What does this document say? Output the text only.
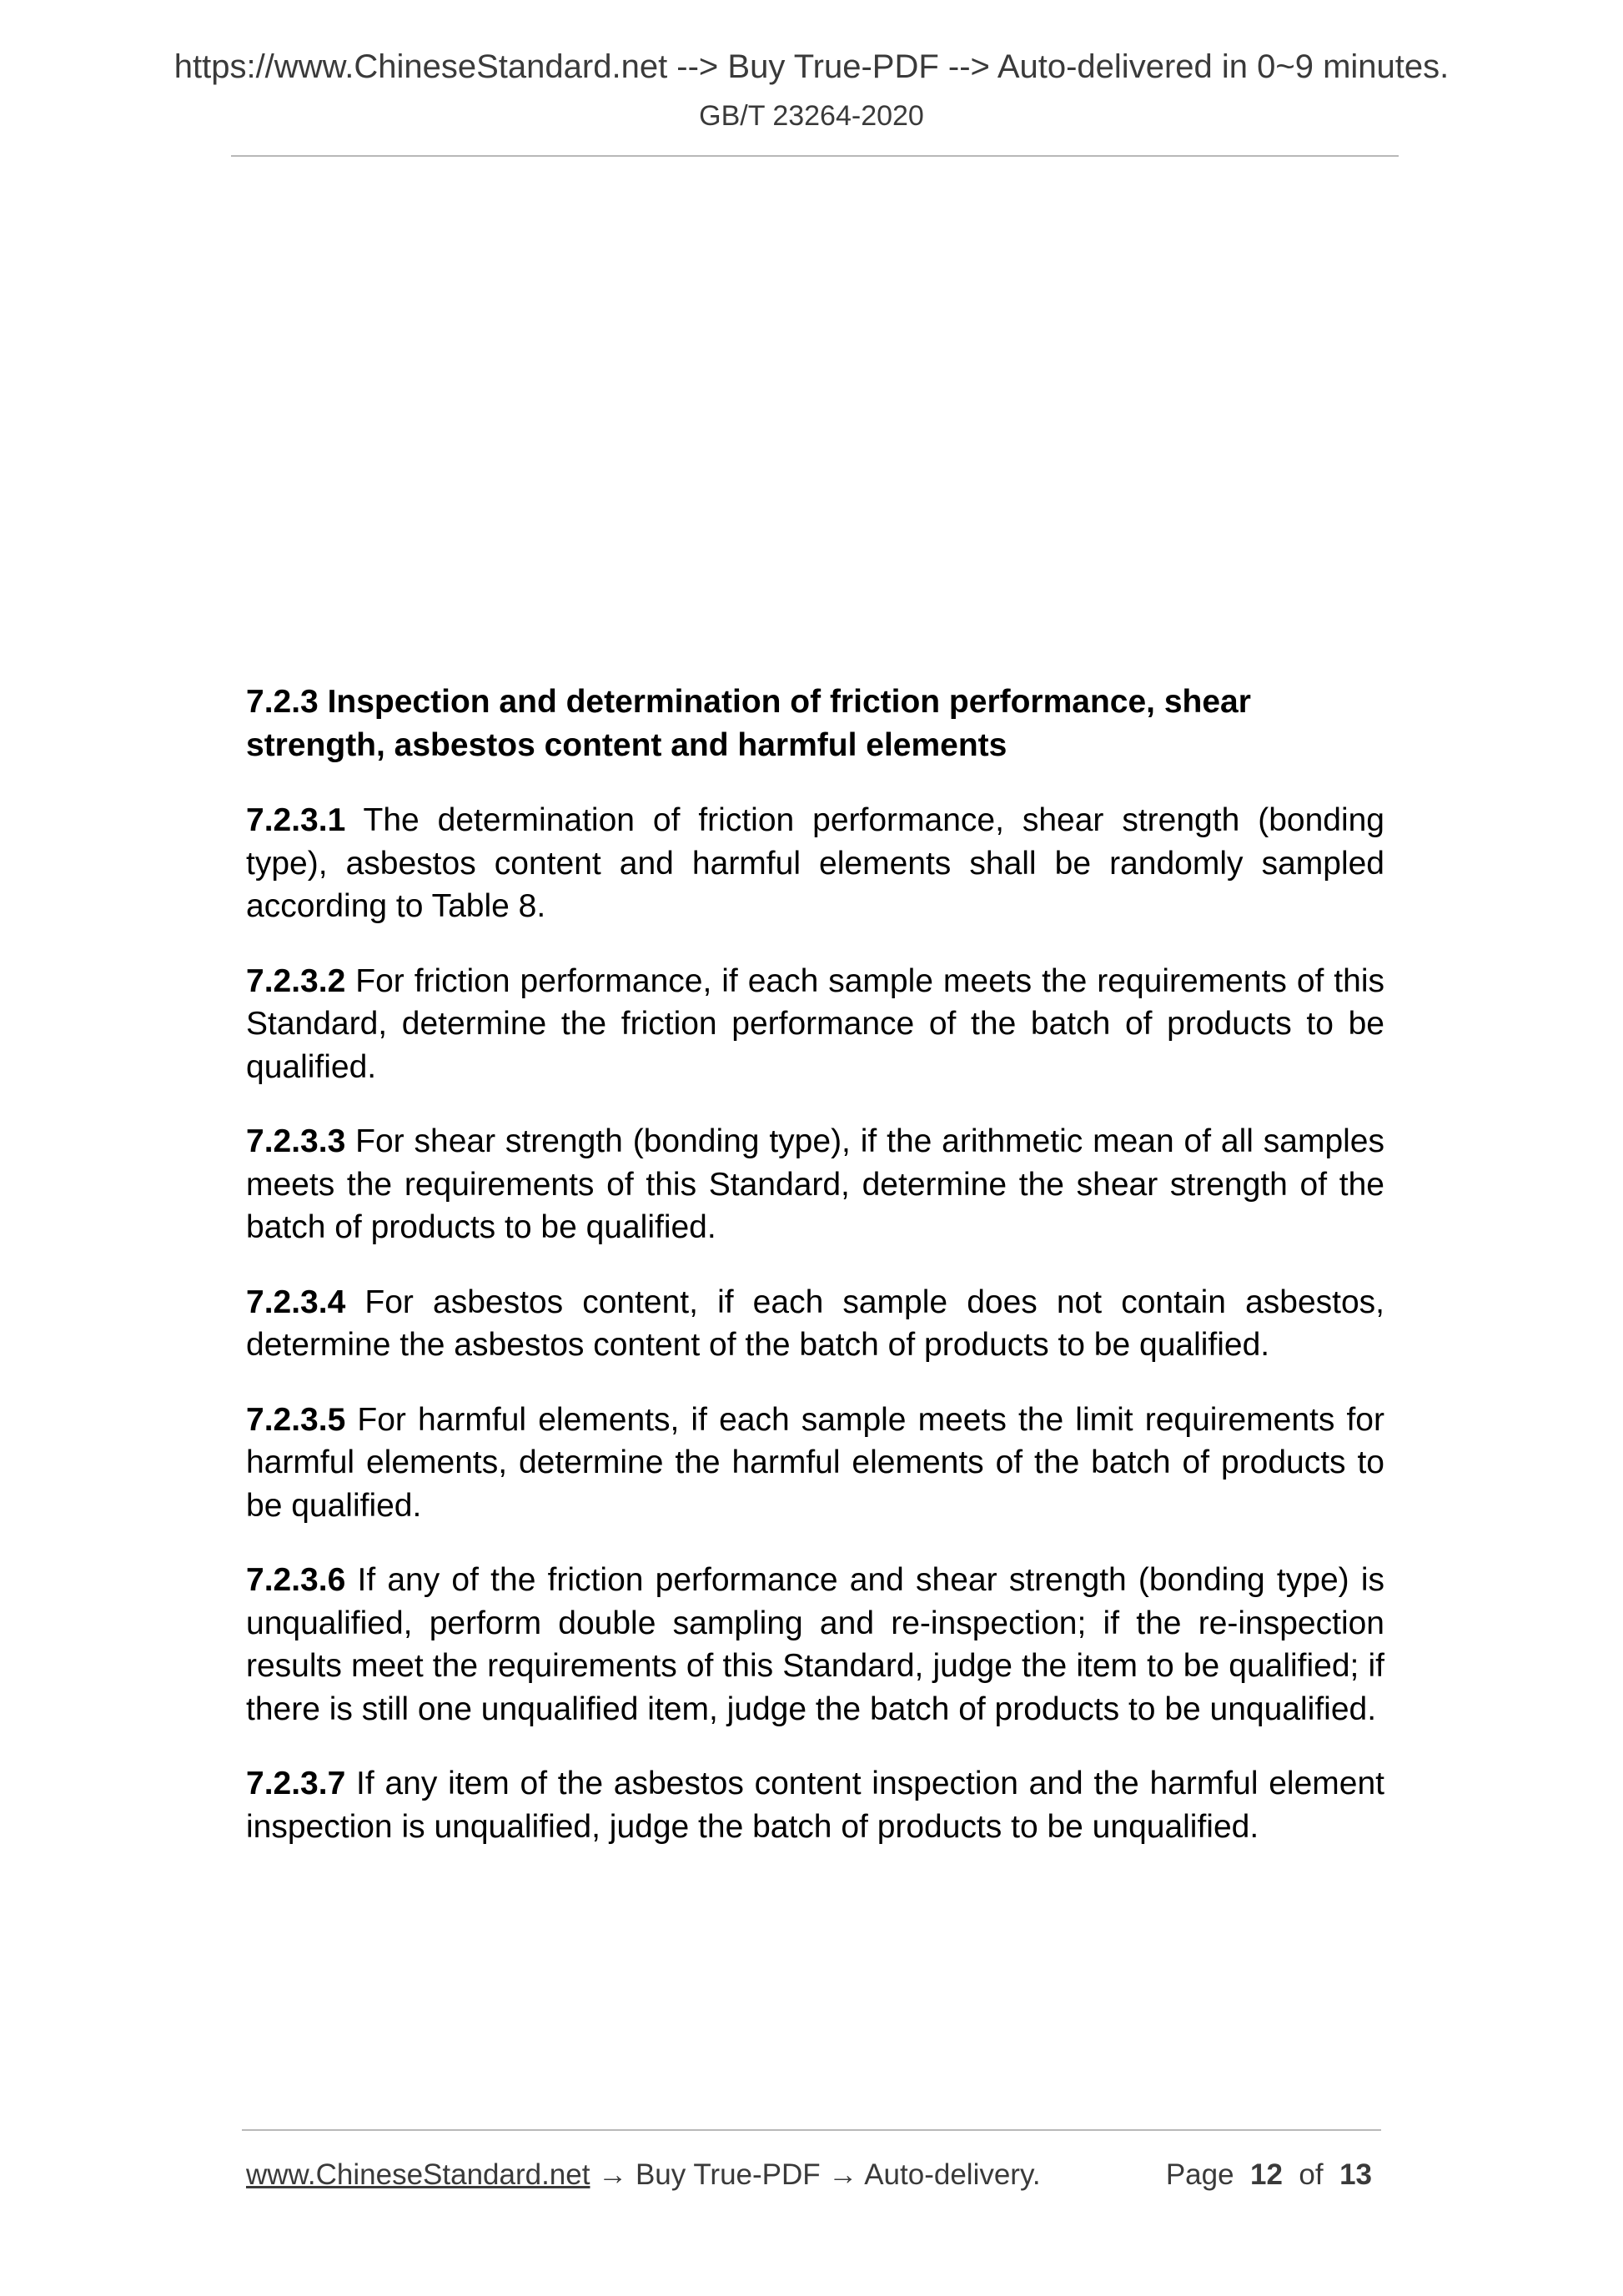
https://www.ChineseStandard.net --> Buy True-PDF --> Auto-delivered in 0~9 minutes.
GB/T 23264-2020
7.2.3 Inspection and determination of friction performance, shear strength, asbestos content and harmful elements

7.2.3.1 The determination of friction performance, shear strength (bonding type), asbestos content and harmful elements shall be randomly sampled according to Table 8.

7.2.3.2 For friction performance, if each sample meets the requirements of this Standard, determine the friction performance of the batch of products to be qualified.

7.2.3.3 For shear strength (bonding type), if the arithmetic mean of all samples meets the requirements of this Standard, determine the shear strength of the batch of products to be qualified.

7.2.3.4 For asbestos content, if each sample does not contain asbestos, determine the asbestos content of the batch of products to be qualified.

7.2.3.5 For harmful elements, if each sample meets the limit requirements for harmful elements, determine the harmful elements of the batch of products to be qualified.

7.2.3.6 If any of the friction performance and shear strength (bonding type) is unqualified, perform double sampling and re-inspection; if the re-inspection results meet the requirements of this Standard, judge the item to be qualified; if there is still one unqualified item, judge the batch of products to be unqualified.

7.2.3.7 If any item of the asbestos content inspection and the harmful element inspection is unqualified, judge the batch of products to be unqualified.

www.ChineseStandard.net → Buy True-PDF → Auto-delivery.	Page 12 of 13
